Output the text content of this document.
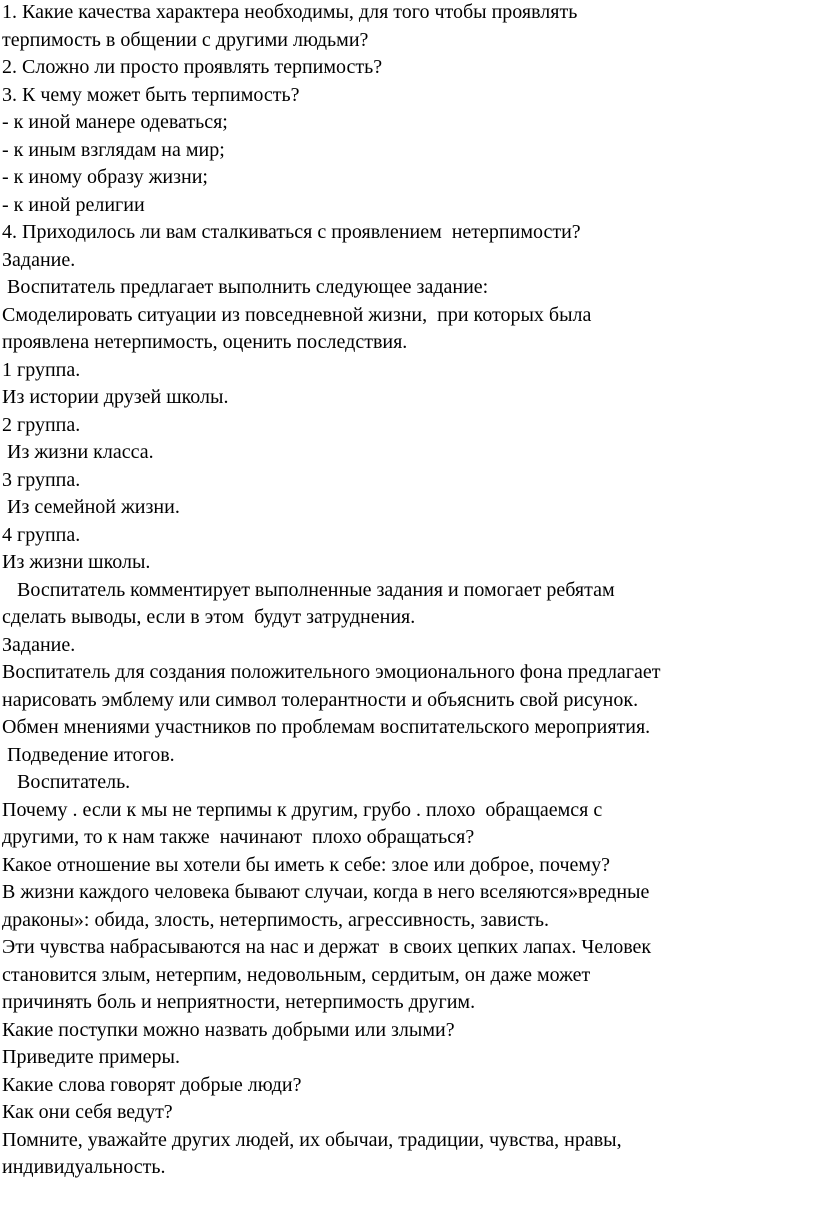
1. Какие качества характера необходимы, для того чтобы проявлять
терпимость в общении с другими людьми?
2. Сложно ли просто проявлять терпимость?
3. К чему может быть терпимость?
- к иной манере одеваться;
- к иным взглядам на мир;
- к иному образу жизни;
- к иной религии
4. Приходилось ли вам сталкиваться с проявлением  нетерпимости?
Задание.
Воспитатель предлагает выполнить следующее задание:
Смоделировать ситуации из повседневной жизни,  при которых была
проявлена нетерпимость, оценить последствия.
1 группа.
Из истории друзей школы.
2 группа.
Из жизни класса.
3 группа.
Из семейной жизни.
4 группа.
Из жизни школы.
Воспитатель комментирует выполненные задания и помогает ребятам
сделать выводы, если в этом  будут затруднения.
Задание.
Воспитатель для создания положительного эмоционального фона предлагает
нарисовать эмблему или символ толерантности и объяснить свой рисунок.
Обмен мнениями участников по проблемам воспитательского мероприятия.
Подведение итогов.
Воспитатель.
Почему . если к мы не терпимы к другим, грубо . плохо  обращаемся с
другими, то к нам также  начинают  плохо обращаться?
Какое отношение вы хотели бы иметь к себе: злое или доброе, почему?
В жизни каждого человека бывают случаи, когда в него вселяются»вредные
драконы»: обида, злость, нетерпимость, агрессивность, зависть.
Эти чувства набрасываются на нас и держат  в своих цепких лапах. Человек
становится злым, нетерпим, недовольным, сердитым, он даже может
причинять боль и неприятности, нетерпимость другим.
Какие поступки можно назвать добрыми или злыми?
Приведите примеры.
Какие слова говорят добрые люди?
Как они себя ведут?
Помните, уважайте других людей, их обычаи, традиции, чувства, нравы,
индивидуальность.
